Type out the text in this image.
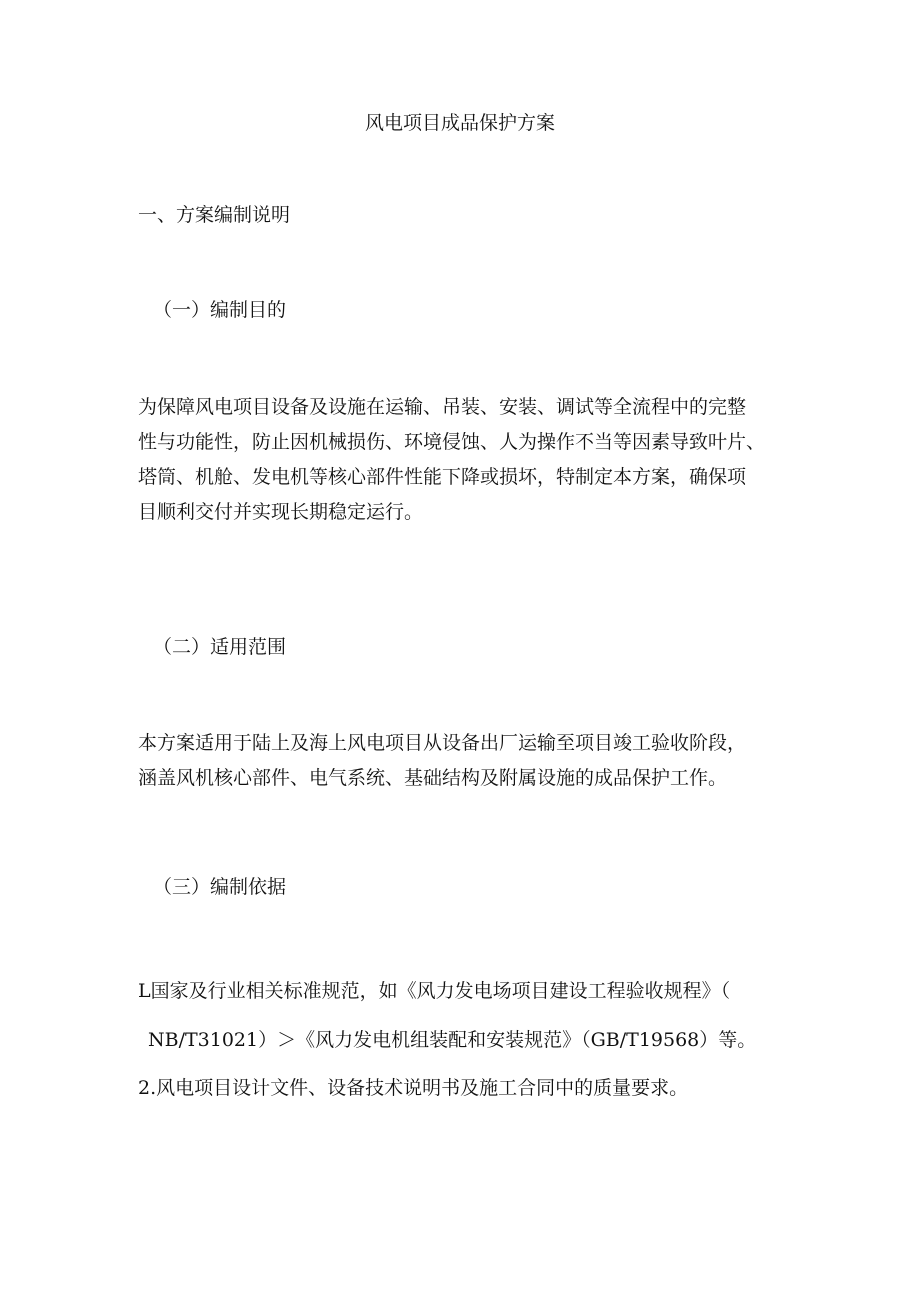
风电项目成品保护方案
一、方案编制说明
（一）编制目的

为保障风电项目设备及设施在运输、吊装、安装、调试等全流程中的完整
性与功能性，防止因机械损伤、环境侵蚀、人为操作不当等因素导致叶片、
塔筒、机舱、发电机等核心部件性能下降或损坏，特制定本方案，确保项
目顺利交付并实现长期稳定运行。

（二）适用范围

本方案适用于陆上及海上风电项目从设备出厂运输至项目竣工验收阶段，
涵盖风机核心部件、电气系统、基础结构及附属设施的成品保护工作。

（三）编制依据
L国家及行业相关标准规范，如《风力发电场项目建设工程验收规程》（
NB/T31021）＞《风力发电机组装配和安装规范》（GB/T19568）等。
2.风电项目设计文件、设备技术说明书及施工合同中的质量要求。
